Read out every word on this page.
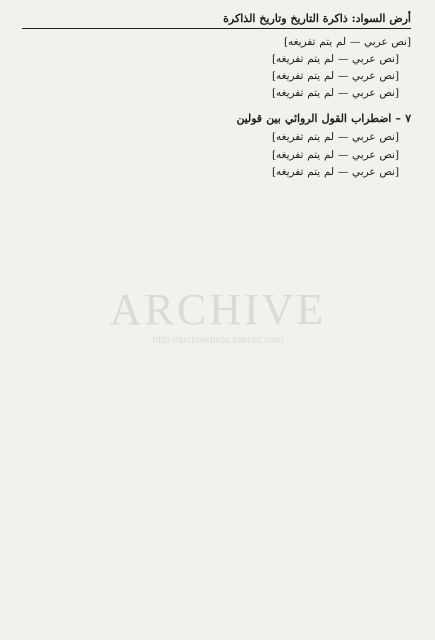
أرض السواد: ذاكرة التاريخ وتاريخ الذاكرة

[نص عربي — لم يتم تفريغه]

[نص عربي — لم يتم تفريغه]

[نص عربي — لم يتم تفريغه]

[نص عربي — لم يتم تفريغه]

٧ – اضطراب القول الروائي بين قولين

[نص عربي — لم يتم تفريغه]

[نص عربي — لم يتم تفريغه]

[نص عربي — لم يتم تفريغه]

ARCHIVE
http://archivebeta.sakhrit.com
